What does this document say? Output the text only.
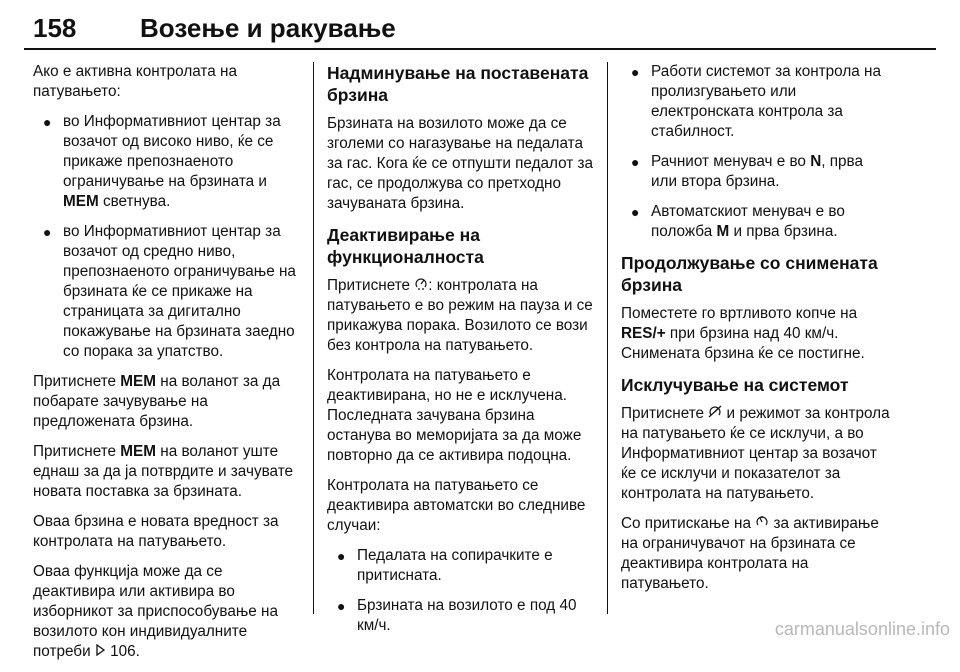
158 Возење и ракување

Ако е активна контролата на патувањето:

● во Информативниот центар за возачот од високо ниво, ќе се прикаже препознаеното ограничување на брзината и MEM светнува.
● во Информативниот центар за возачот од средно ниво, препознаеното ограничување на брзината ќе се прикаже на страницата за дигитално покажување на брзината заедно со порака за упатство.

Притиснете MEM на воланот за да побарате зачувување на предложената брзина.

Притиснете MEM на воланот уште еднаш за да ја потврдите и зачувате новата поставка за брзината.

Оваа брзина е новата вредност за контролата на патувањето.

Оваа функција може да се деактивира или активира во изборникот за приспособување на возилото кон индивидуалните потреби  106.

Надминување на поставената брзина

Брзината на возилото може да се зголеми со нагазување на педалата за гас. Кога ќе се отпушти педалот за гас, се продолжува со претходно зачуваната брзина.

Деактивирање на функционалноста

Притиснете : контролата на патувањето е во режим на пауза и се прикажува порака. Возилото се вози без контрола на патувањето.

Контролата на патувањето е деактивирана, но не е исклучена. Последната зачувана брзина останува во меморијата за да може повторно да се активира подоцна.

Контролата на патувањето се деактивира автоматски во следниве случаи:

● Педалата на сопирачките е притисната.
● Брзината на возилото е под 40 км/ч.
● Работи системот за контрола на пролизгувањето или електронската контрола за стабилност.
● Рачниот менувач е во N, прва или втора брзина.
● Автоматскиот менувач е во положба M и прва брзина.
Продолжување со снимената брзина

Поместете го вртливото копче на RES/+ при брзина над 40 км/ч. Снимената брзина ќе се постигне.

Исклучување на системот

Притиснете  и режимот за контрола на патувањето ќе се исклучи, а во Информативниот центар за возачот ќе се исклучи и показателот за контролата на патувањето.

Со притискање на  за активирање на ограничувачот на брзината се деактивира контролата на патувањето.

carmanualsonline.info
